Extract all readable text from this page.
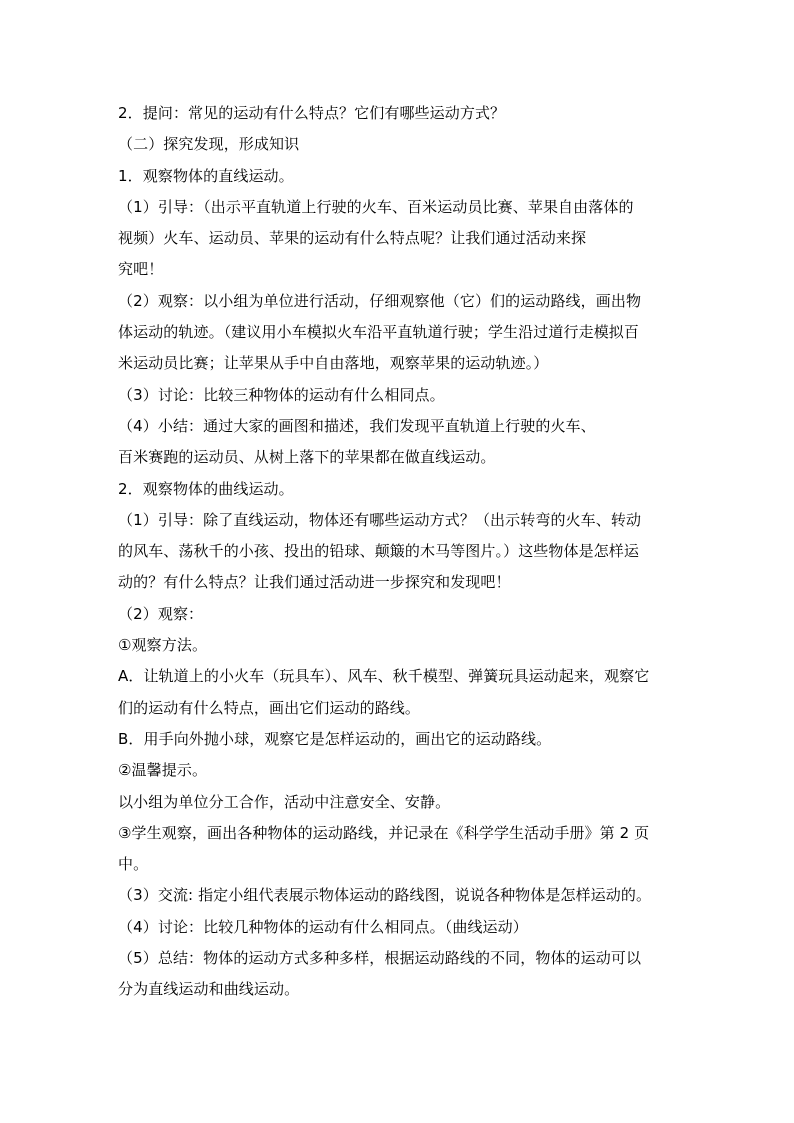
2．提问：常见的运动有什么特点？它们有哪些运动方式？
（二）探究发现，形成知识
1．观察物体的直线运动。
（1）引导：（出示平直轨道上行驶的火车、百米运动员比赛、苹果自由落体的
视频）火车、运动员、苹果的运动有什么特点呢？让我们通过活动来探
究吧！
（2）观察：以小组为单位进行活动，仔细观察他（它）们的运动路线，画出物
体运动的轨迹。（建议用小车模拟火车沿平直轨道行驶；学生沿过道行走模拟百
米运动员比赛；让苹果从手中自由落地，观察苹果的运动轨迹。）
（3）讨论：比较三种物体的运动有什么相同点。
（4）小结：通过大家的画图和描述，我们发现平直轨道上行驶的火车、
百米赛跑的运动员、从树上落下的苹果都在做直线运动。
2．观察物体的曲线运动。
（1）引导：除了直线运动，物体还有哪些运动方式？（出示转弯的火车、转动
的风车、荡秋千的小孩、投出的铅球、颠簸的木马等图片。）这些物体是怎样运
动的？有什么特点？让我们通过活动进一步探究和发现吧！
（2）观察：
①观察方法。
A．让轨道上的小火车（玩具车）、风车、秋千模型、弹簧玩具运动起来，观察它
们的运动有什么特点，画出它们运动的路线。
B．用手向外抛小球，观察它是怎样运动的，画出它的运动路线。
②温馨提示。
以小组为单位分工合作，活动中注意安全、安静。
③学生观察，画出各种物体的运动路线，并记录在《科学学生活动手册》第 2 页
中。
（3）交流: 指定小组代表展示物体运动的路线图，说说各种物体是怎样运动的。
（4）讨论：比较几种物体的运动有什么相同点。（曲线运动）
（5）总结：物体的运动方式多种多样，根据运动路线的不同，物体的运动可以
分为直线运动和曲线运动。
